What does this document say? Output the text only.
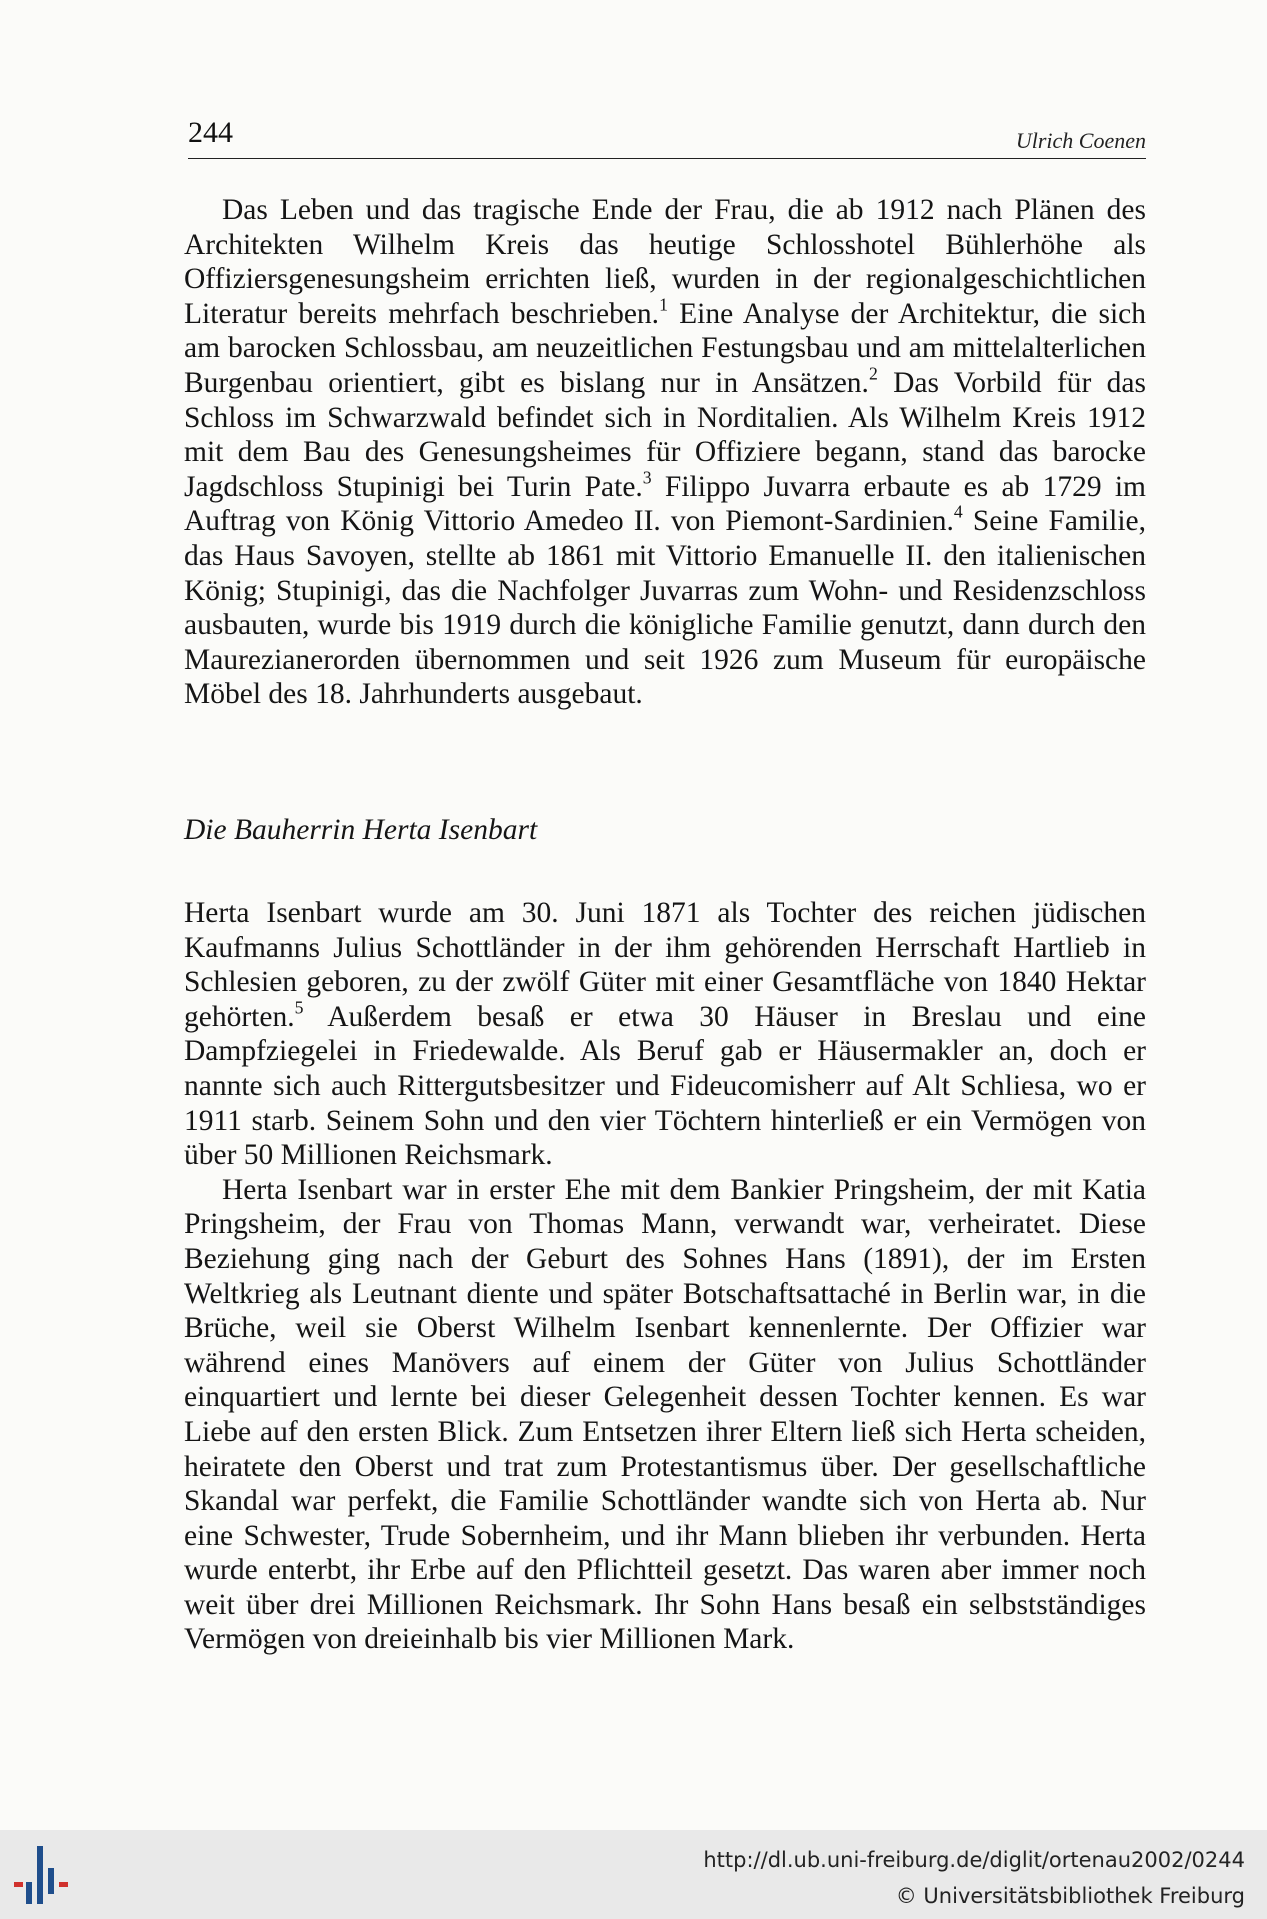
244	Ulrich Coenen

Das Leben und das tragische Ende der Frau, die ab 1912 nach Plänen des Architekten Wilhelm Kreis das heutige Schlosshotel Bühlerhöhe als Offiziersgenesungsheim errichten ließ, wurden in der regionalgeschichtlichen Literatur bereits mehrfach beschrieben.$^1$ Eine Analyse der Architektur, die sich am barocken Schlossbau, am neuzeitlichen Festungsbau und am mittelalterlichen Burgenbau orientiert, gibt es bislang nur in Ansätzen.$^2$ Das Vorbild für das Schloss im Schwarzwald befindet sich in Norditalien. Als Wilhelm Kreis 1912 mit dem Bau des Genesungsheimes für Offiziere begann, stand das barocke Jagdschloss Stupinigi bei Turin Pate.$^3$ Filippo Juvarra erbaute es ab 1729 im Auftrag von König Vittorio Amedeo II. von Piemont-Sardinien.$^4$ Seine Familie, das Haus Savoyen, stellte ab 1861 mit Vittorio Emanuelle II. den italienischen König; Stupinigi, das die Nachfolger Juvarras zum Wohn- und Residenzschloss ausbauten, wurde bis 1919 durch die königliche Familie genutzt, dann durch den Maurezianerorden übernommen und seit 1926 zum Museum für europäische Möbel des 18. Jahrhunderts ausgebaut.

Die Bauherrin Herta Isenbart

Herta Isenbart wurde am 30. Juni 1871 als Tochter des reichen jüdischen Kaufmanns Julius Schottländer in der ihm gehörenden Herrschaft Hartlieb in Schlesien geboren, zu der zwölf Güter mit einer Gesamtfläche von 1840 Hektar gehörten.$^5$ Außerdem besaß er etwa 30 Häuser in Breslau und eine Dampfziegelei in Friedewalde. Als Beruf gab er Häusermakler an, doch er nannte sich auch Rittergutsbesitzer und Fideucomisherr auf Alt Schliesa, wo er 1911 starb. Seinem Sohn und den vier Töchtern hinterließ er ein Vermögen von über 50 Millionen Reichsmark.

Herta Isenbart war in erster Ehe mit dem Bankier Pringsheim, der mit Katia Pringsheim, der Frau von Thomas Mann, verwandt war, verheiratet. Diese Beziehung ging nach der Geburt des Sohnes Hans (1891), der im Ersten Weltkrieg als Leutnant diente und später Botschaftsattaché in Berlin war, in die Brüche, weil sie Oberst Wilhelm Isenbart kennenlernte. Der Offizier war während eines Manövers auf einem der Güter von Julius Schottländer einquartiert und lernte bei dieser Gelegenheit dessen Tochter kennen. Es war Liebe auf den ersten Blick. Zum Entsetzen ihrer Eltern ließ sich Herta scheiden, heiratete den Oberst und trat zum Protestantismus über. Der gesellschaftliche Skandal war perfekt, die Familie Schottländer wandte sich von Herta ab. Nur eine Schwester, Trude Sobernheim, und ihr Mann blieben ihr verbunden. Herta wurde enterbt, ihr Erbe auf den Pflichtteil gesetzt. Das waren aber immer noch weit über drei Millionen Reichsmark. Ihr Sohn Hans besaß ein selbstständiges Vermögen von dreieinhalb bis vier Millionen Mark.

http://dl.ub.uni-freiburg.de/diglit/ortenau2002/0244
© Universitätsbibliothek Freiburg
